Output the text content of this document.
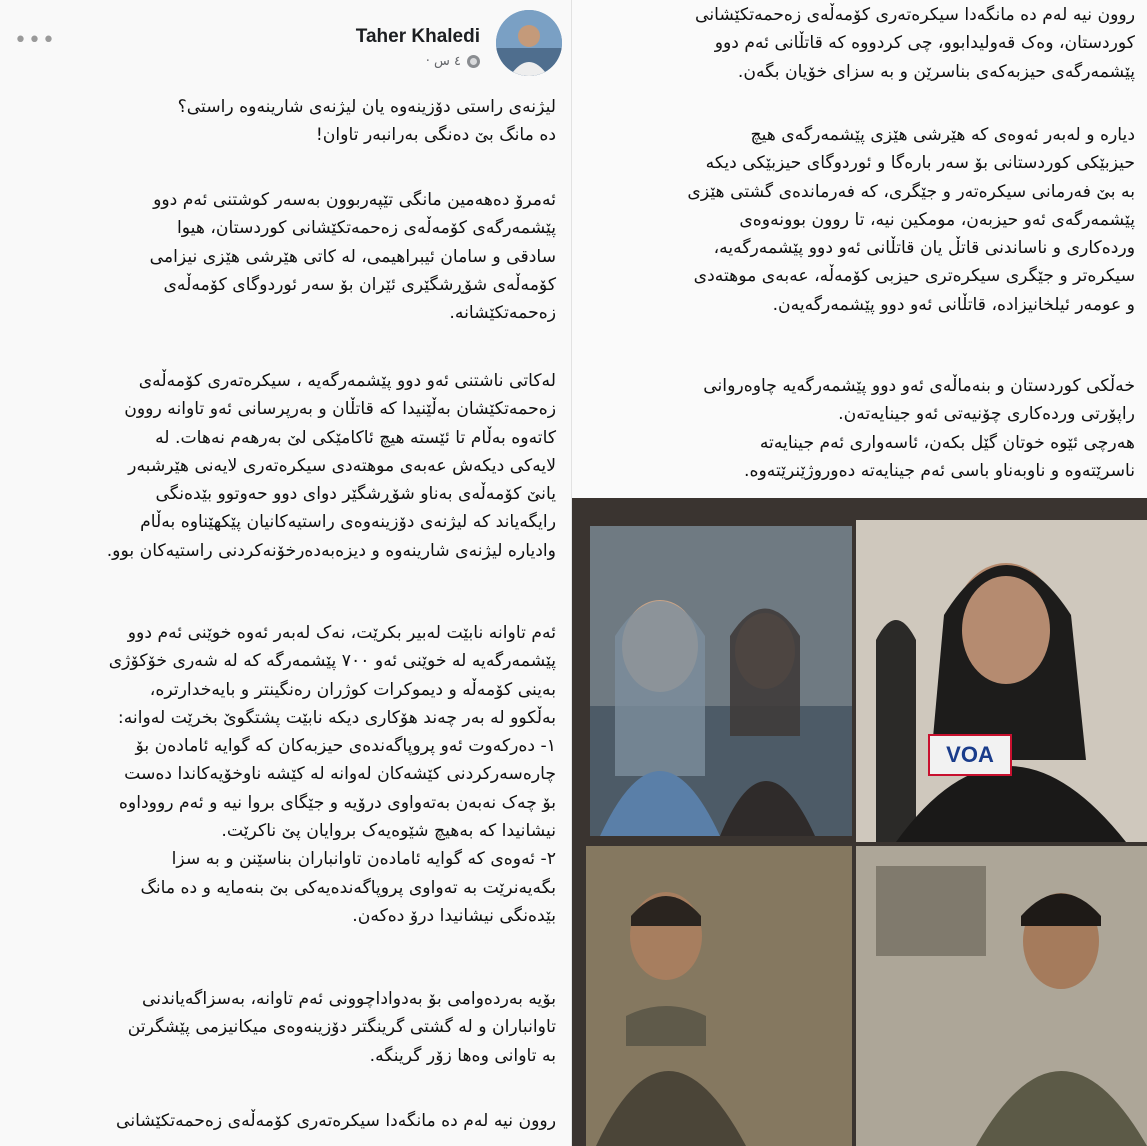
•••	Taher Khaledi
٤ س ·
لیژنەی راستی دۆزینەوە یان لیژنەی شارینەوە راستی؟
دە مانگ بێ دەنگی بەرانبەر تاوان!
ئەمرۆ دەهەمین مانگی تێپەربوون بەسەر کوشتنی ئەم دوو
پێشمەرگەی کۆمەڵەی زەحمەتکێشانی کوردستان، هیوا
سادقی و سامان ئیبراهیمی، لە کاتی هێرشی هێزی نیزامی
کۆمەڵەی شۆڕشگێری ئێران بۆ سەر ئوردوگای کۆمەڵەی
زەحمەتکێشانە.
لەکاتی ناشتنی ئەو دوو پێشمەرگەیە ، سیکرەتەری کۆمەڵەی
زەحمەتکێشان بەڵێنیدا کە قاتڵان و بەرپرسانی ئەو تاوانە روون
کاتەوە بەڵام تا ئێستە هیچ ئاکامێکی لێ بەرهەم نەهات. لە
لایەکی دیکەش عەبەی موهتەدی سیکرەتەری لایەنی هێرشبەر
یانێ کۆمەڵەی بەناو شۆڕشگێر دوای دوو حەوتوو بێدەنگی
رایگەیاند کە لیژنەی دۆزینەوەی راستیەکانیان پێکهێناوە بەڵام
وادیارە لیژنەی شارینەوە و دیزەبەدەرخۆنەکردنی راستیەکان بوو.
ئەم تاوانە نابێت لەبیر بکرێت، نەک لەبەر ئەوە خوێنی ئەم دوو
پێشمەرگەیە لە خوێنی ئەو ٧٠٠ پێشمەرگە کە لە شەری خۆکۆژی
بەینی کۆمەڵە و دیموکرات کوژران رەنگینتر و بایەخدارترە،
بەڵکوو لە بەر چەند هۆکاری دیکە نابێت پشتگوێ بخرێت لەوانە:
١- دەرکەوت ئەو پروپاگەندەی حیزبەکان کە گوایە ئامادەن بۆ
چارەسەرکردنی کێشەکان لەوانە لە کێشە ناوخۆیەکاندا دەست
بۆ چەک نەبەن بەتەواوی درۆیە و جێگای بروا نیە و ئەم رووداوە
نیشانیدا کە بەهیچ شێوەیەک بروایان پێ ناکرێت.
٢- ئەوەی کە گوایە ئامادەن تاوانباران بناسێنن و بە سزا
بگەیەنرێت بە تەواوی پروپاگەندەیەکی بێ بنەمایە و دە مانگ
بێدەنگی نیشانیدا درۆ دەکەن.
بۆیە بەردەوامی بۆ بەدواداچوونی ئەم تاوانە، بەسزاگەیاندنی
تاوانباران و لە گشتی گرینگتر دۆزینەوەی میکانیزمی پێشگرتن
بە تاوانی وەها زۆر گرینگە.
روون نیە لەم دە مانگەدا سیکرەتەری کۆمەڵەی زەحمەتکێشانی
روون نیە لەم دە مانگەدا سیکرەتەری کۆمەڵەی زەحمەتکێشانی
کوردستان، وەک قەولیدابوو، چی کردووە کە قاتڵانی ئەم دوو
پێشمەرگەی حیزبەکەی بناسرێن و بە سزای خۆیان بگەن.
دیارە و لەبەر ئەوەی کە هێرشی هێزی پێشمەرگەی هیچ
حیزبێکی کوردستانی بۆ سەر بارەگا و ئوردوگای حیزبێکی دیکە
بە بێ فەرمانی سیکرەتەر و جێگری، کە فەرماندەی گشتی هێزی
پێشمەرگەی ئەو حیزبەن، مومکین نیە، تا روون بوونەوەی
وردەکاری و ناساندنی قاتڵ یان قاتڵانی ئەو دوو پێشمەرگەیە،
سیکرەتر و جێگری سیکرەتری حیزبی کۆمەڵە، عەبەی موهتەدی
و عومەر ئیلخانیزادە، قاتڵانی ئەو دوو پێشمەرگەیەن.
خەڵکی کوردستان و بنەماڵەی ئەو دوو پێشمەرگەیە چاوەروانی
راپۆرتی وردەکاری چۆنیەتی ئەو جینایەتەن.
هەرچی ئێوە خوتان گێل بکەن، ئاسەواری ئەم جینایەتە
ناسرێتەوە و ناوبەناو باسی ئەم جینایەتە دەوروژێنرێتەوە.
VOA
